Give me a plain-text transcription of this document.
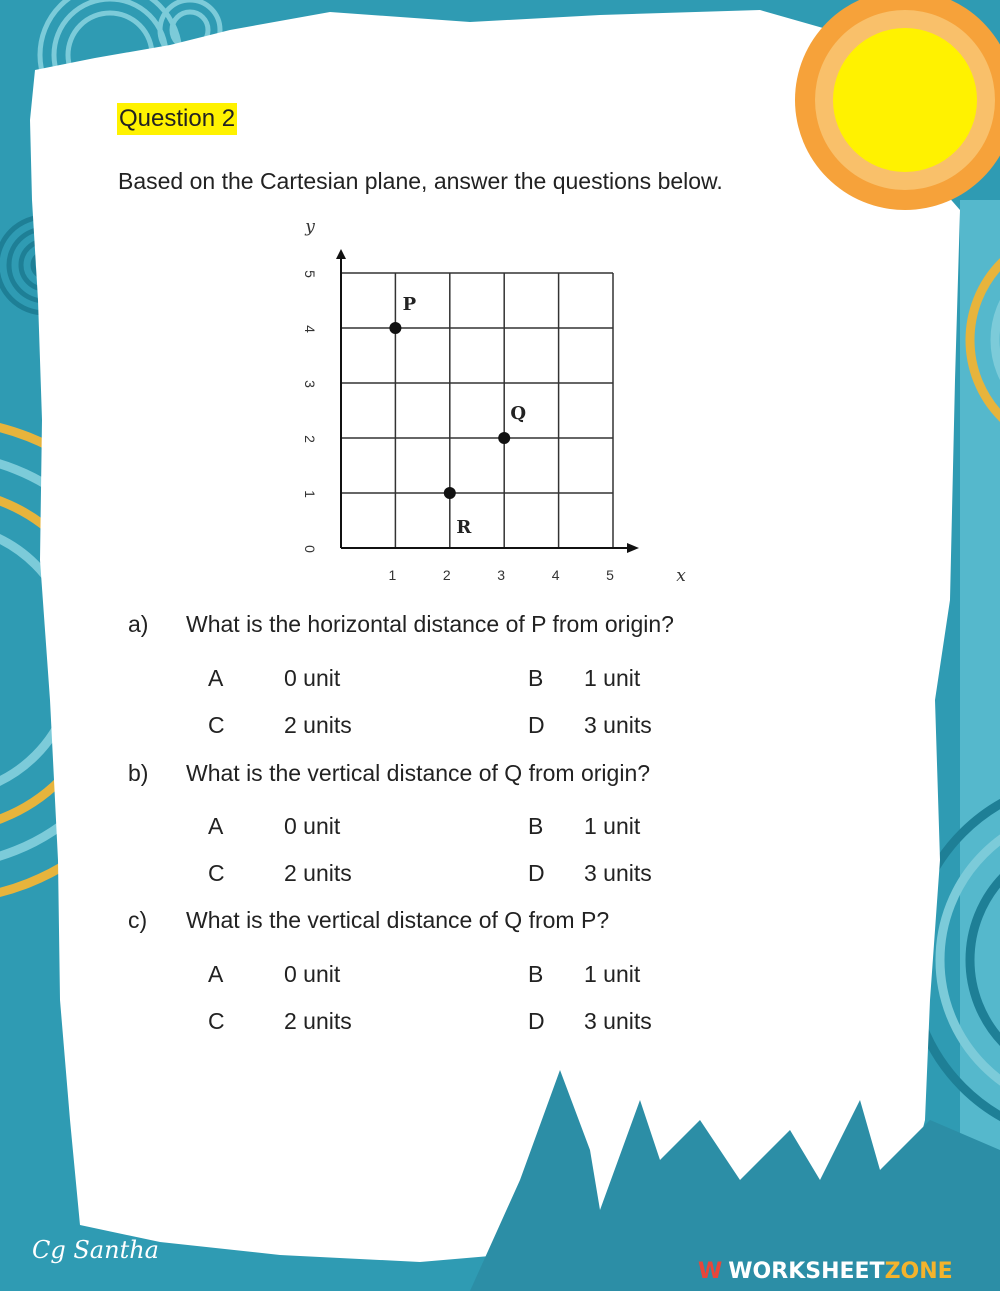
Question 2
Based on the Cartesian plane, answer the questions below.
0
1
2
3
4
5
1	2	3	4	5
y
x
P
Q
R
a) What is the horizontal distance of P from origin?
A	0 unit	B 1 unit
C	2 units	D 3 units
b) What is the vertical distance of Q from origin?
A	0 unit	B 1 unit
C	2 units	D 3 units
c) What is the vertical distance of Q from P?
A	0 unit	B 1 unit
C	2 units	D 3 units
Cg Santha
W WORKSHEETZONE
